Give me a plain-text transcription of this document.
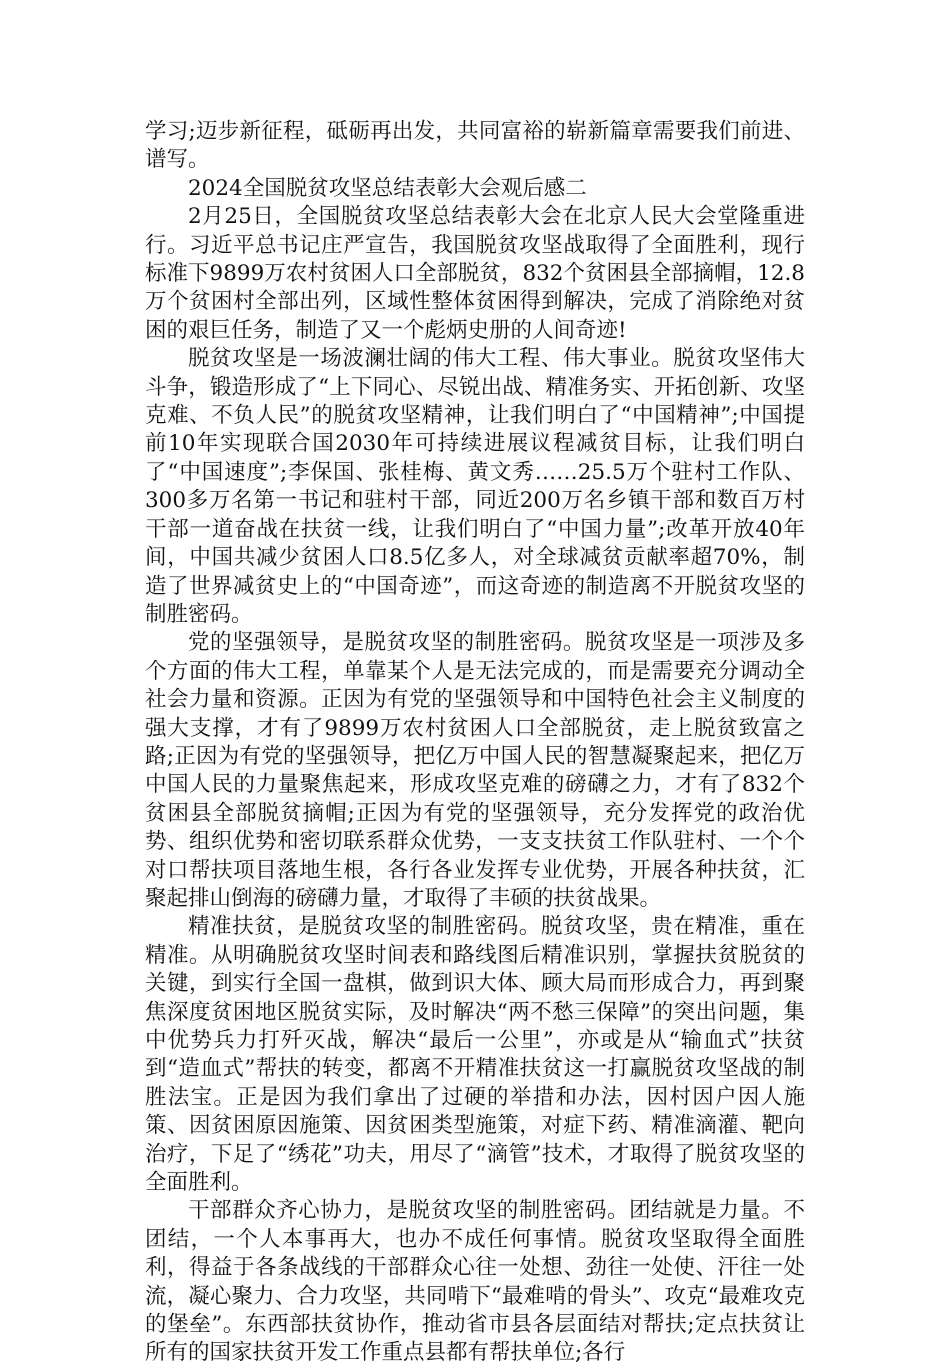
学习;迈步新征程，砥砺再出发，共同富裕的崭新篇章需要我们前进、谱写。

2024全国脱贫攻坚总结表彰大会观后感二

2月25日，全国脱贫攻坚总结表彰大会在北京人民大会堂隆重进行。习近平总书记庄严宣告，我国脱贫攻坚战取得了全面胜利，现行标准下9899万农村贫困人口全部脱贫，832个贫困县全部摘帽，12.8万个贫困村全部出列，区域性整体贫困得到解决，完成了消除绝对贫困的艰巨任务，制造了又一个彪炳史册的人间奇迹!

脱贫攻坚是一场波澜壮阔的伟大工程、伟大事业。脱贫攻坚伟大斗争，锻造形成了“上下同心、尽锐出战、精准务实、开拓创新、攻坚克难、不负人民”的脱贫攻坚精神，让我们明白了“中国精神”;中国提前10年实现联合国2030年可持续进展议程减贫目标，让我们明白了“中国速度”;李保国、张桂梅、黄文秀……25.5万个驻村工作队、300多万名第一书记和驻村干部，同近200万名乡镇干部和数百万村干部一道奋战在扶贫一线，让我们明白了“中国力量”;改革开放40年间，中国共减少贫困人口8.5亿多人，对全球减贫贡献率超70%，制造了世界减贫史上的“中国奇迹”，而这奇迹的制造离不开脱贫攻坚的制胜密码。

党的坚强领导，是脱贫攻坚的制胜密码。脱贫攻坚是一项涉及多个方面的伟大工程，单靠某个人是无法完成的，而是需要充分调动全社会力量和资源。正因为有党的坚强领导和中国特色社会主义制度的强大支撑，才有了9899万农村贫困人口全部脱贫，走上脱贫致富之路;正因为有党的坚强领导，把亿万中国人民的智慧凝聚起来，把亿万中国人民的力量聚焦起来，形成攻坚克难的磅礴之力，才有了832个贫困县全部脱贫摘帽;正因为有党的坚强领导，充分发挥党的政治优势、组织优势和密切联系群众优势，一支支扶贫工作队驻村、一个个对口帮扶项目落地生根，各行各业发挥专业优势，开展各种扶贫，汇聚起排山倒海的磅礴力量，才取得了丰硕的扶贫战果。

精准扶贫，是脱贫攻坚的制胜密码。脱贫攻坚，贵在精准，重在精准。从明确脱贫攻坚时间表和路线图后精准识别，掌握扶贫脱贫的关键，到实行全国一盘棋，做到识大体、顾大局而形成合力，再到聚焦深度贫困地区脱贫实际，及时解决“两不愁三保障”的突出问题，集中优势兵力打歼灭战，解决“最后一公里”，亦或是从“输血式”扶贫到“造血式”帮扶的转变，都离不开精准扶贫这一打赢脱贫攻坚战的制胜法宝。正是因为我们拿出了过硬的举措和办法，因村因户因人施策、因贫困原因施策、因贫困类型施策，对症下药、精准滴灌、靶向治疗，下足了“绣花”功夫，用尽了“滴管”技术，才取得了脱贫攻坚的全面胜利。

干部群众齐心协力，是脱贫攻坚的制胜密码。团结就是力量。不团结，一个人本事再大，也办不成任何事情。脱贫攻坚取得全面胜利，得益于各条战线的干部群众心往一处想、劲往一处使、汗往一处流，凝心聚力、合力攻坚，共同啃下“最难啃的骨头”、攻克“最难攻克的堡垒”。东西部扶贫协作，推动省市县各层面结对帮扶;定点扶贫让所有的国家扶贫开发工作重点县都有帮扶单位;各行
